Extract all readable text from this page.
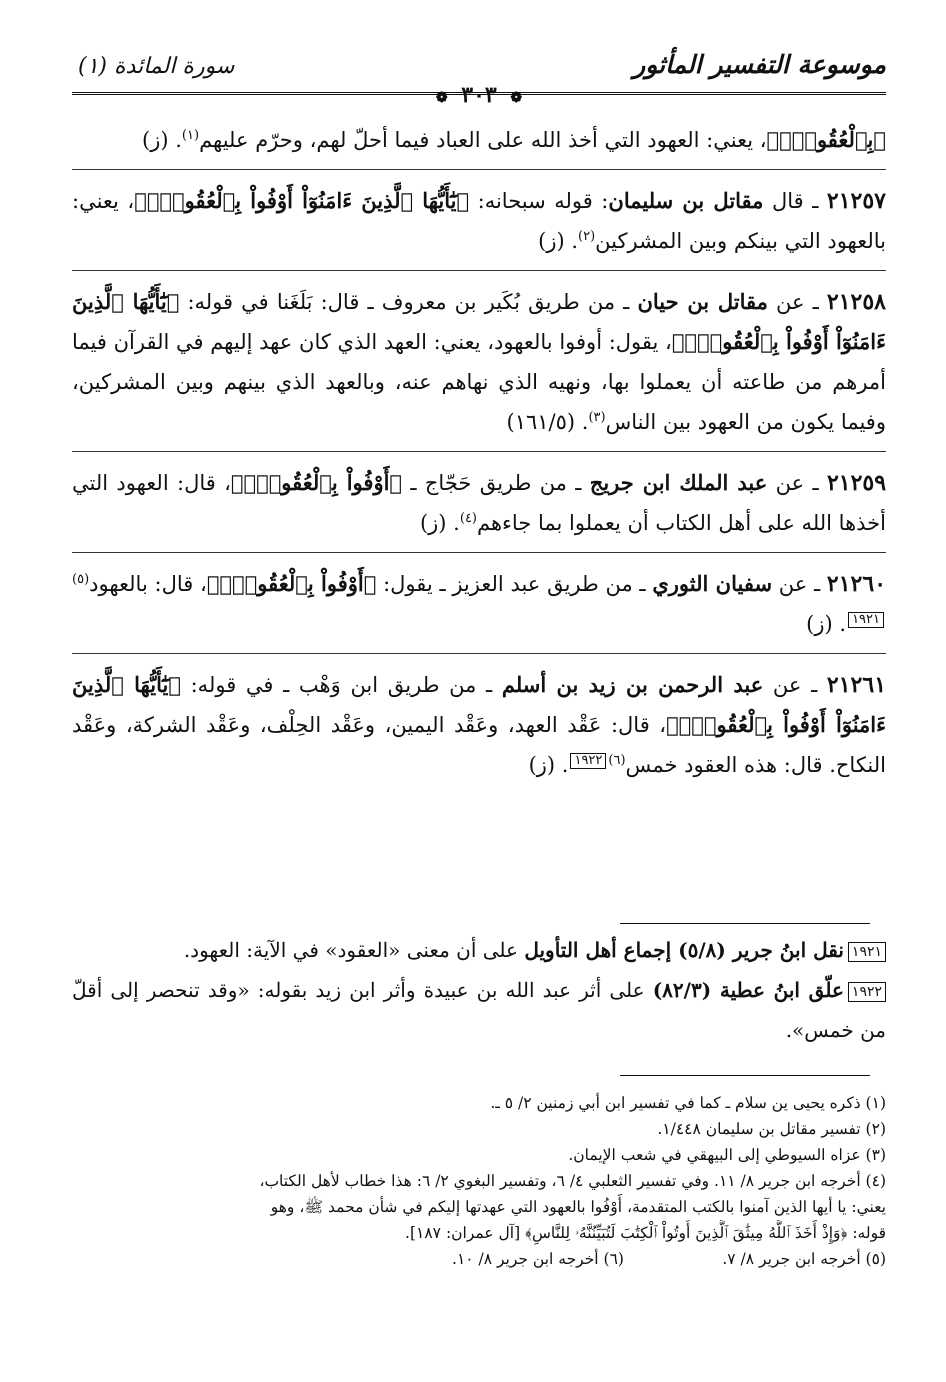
موسوعة التفسير المأثور
سورة المائدة (١)
❁ ٣٠٣ ❁

﴿بِٱلْعُقُودِۚ﴾، يعني: العهود التي أخذ الله على العباد فيما أحلّ لهم، وحرّم عليهم$^{(١)}$. (ز)

٢١٢٥٧ ـ قال مقاتل بن سليمان: قوله سبحانه: ﴿يَٰٓأَيُّهَا ٱلَّذِينَ ءَامَنُوٓاْ أَوْفُواْ بِٱلْعُقُودِۚ﴾، يعني: بالعهود التي بينكم وبين المشركين$^{(٢)}$. (ز)

٢١٢٥٨ ـ عن مقاتل بن حيان ـ من طريق بُكَير بن معروف ـ قال: بَلَغَنا في قوله: ﴿يَٰٓأَيُّهَا ٱلَّذِينَ ءَامَنُوٓاْ أَوْفُواْ بِٱلْعُقُودِۚ﴾، يقول: أوفوا بالعهود، يعني: العهد الذي كان عهد إليهم في القرآن فيما أمرهم من طاعته أن يعملوا بها، ونهيه الذي نهاهم عنه، وبالعهد الذي بينهم وبين المشركين، وفيما يكون من العهود بين الناس$^{(٣)}$. (١٦١/٥)

٢١٢٥٩ ـ عن عبد الملك ابن جريج ـ من طريق حَجّاج ـ ﴿أَوْفُواْ بِٱلْعُقُودِۚ﴾، قال: العهود التي أخذها الله على أهل الكتاب أن يعملوا بما جاءهم$^{(٤)}$. (ز)

٢١٢٦٠ ـ عن سفيان الثوري ـ من طريق عبد العزيز ـ يقول: ﴿أَوْفُواْ بِٱلْعُقُودِۚ﴾، قال: بالعهود$^{(٥)}$١٩٢١. (ز)

٢١٢٦١ ـ عن عبد الرحمن بن زيد بن أسلم ـ من طريق ابن وَهْب ـ في قوله: ﴿يَٰٓأَيُّهَا ٱلَّذِينَ ءَامَنُوٓاْ أَوْفُواْ بِٱلْعُقُودِۚ﴾، قال: عَقْد العهد، وعَقْد اليمين، وعَقْد الحِلْف، وعَقْد الشركة، وعَقْد النكاح. قال: هذه العقود خمس$^{(٦)}$١٩٢٢. (ز)

١٩٢١نقل ابنُ جرير (٥/٨) إجماع أهل التأويل على أن معنى «العقود» في الآية: العهود.
١٩٢٢علّق ابنُ عطية (٨٢/٣) على أثر عبد الله بن عبيدة وأثر ابن زيد بقوله: «وقد تنحصر إلى أقلّ من خمس».
(١) ذكره يحيى ين سلام ـ كما في تفسير ابن أبي زمنين ٢/ ٥ ـ.
(٢) تفسير مقاتل بن سليمان ١/٤٤٨.
(٣) عزاه السيوطي إلى البيهقي في شعب الإيمان.
(٤) أخرجه ابن جرير ٨/ ١١. وفي تفسير الثعلبي ٤/ ٦، وتفسير البغوي ٢/ ٦: هذا خطاب لأهل الكتاب،
يعني: يا أيها الذين آمنوا بالكتب المتقدمة، أَوْفُوا بالعهود التي عهدتها إليكم في شأن محمد ﷺ، وهو
قوله: ﴿وَإِذْ أَخَذَ ٱللَّهُ مِيثَٰقَ ٱلَّذِينَ أُوتُواْ ٱلْكِتَٰبَ لَتُبَيِّنُنَّهُۥ لِلنَّاسِ﴾ [آل عمران: ١٨٧].
(٥) أخرجه ابن جرير ٨/ ٧.
(٦) أخرجه ابن جرير ٨/ ١٠.
